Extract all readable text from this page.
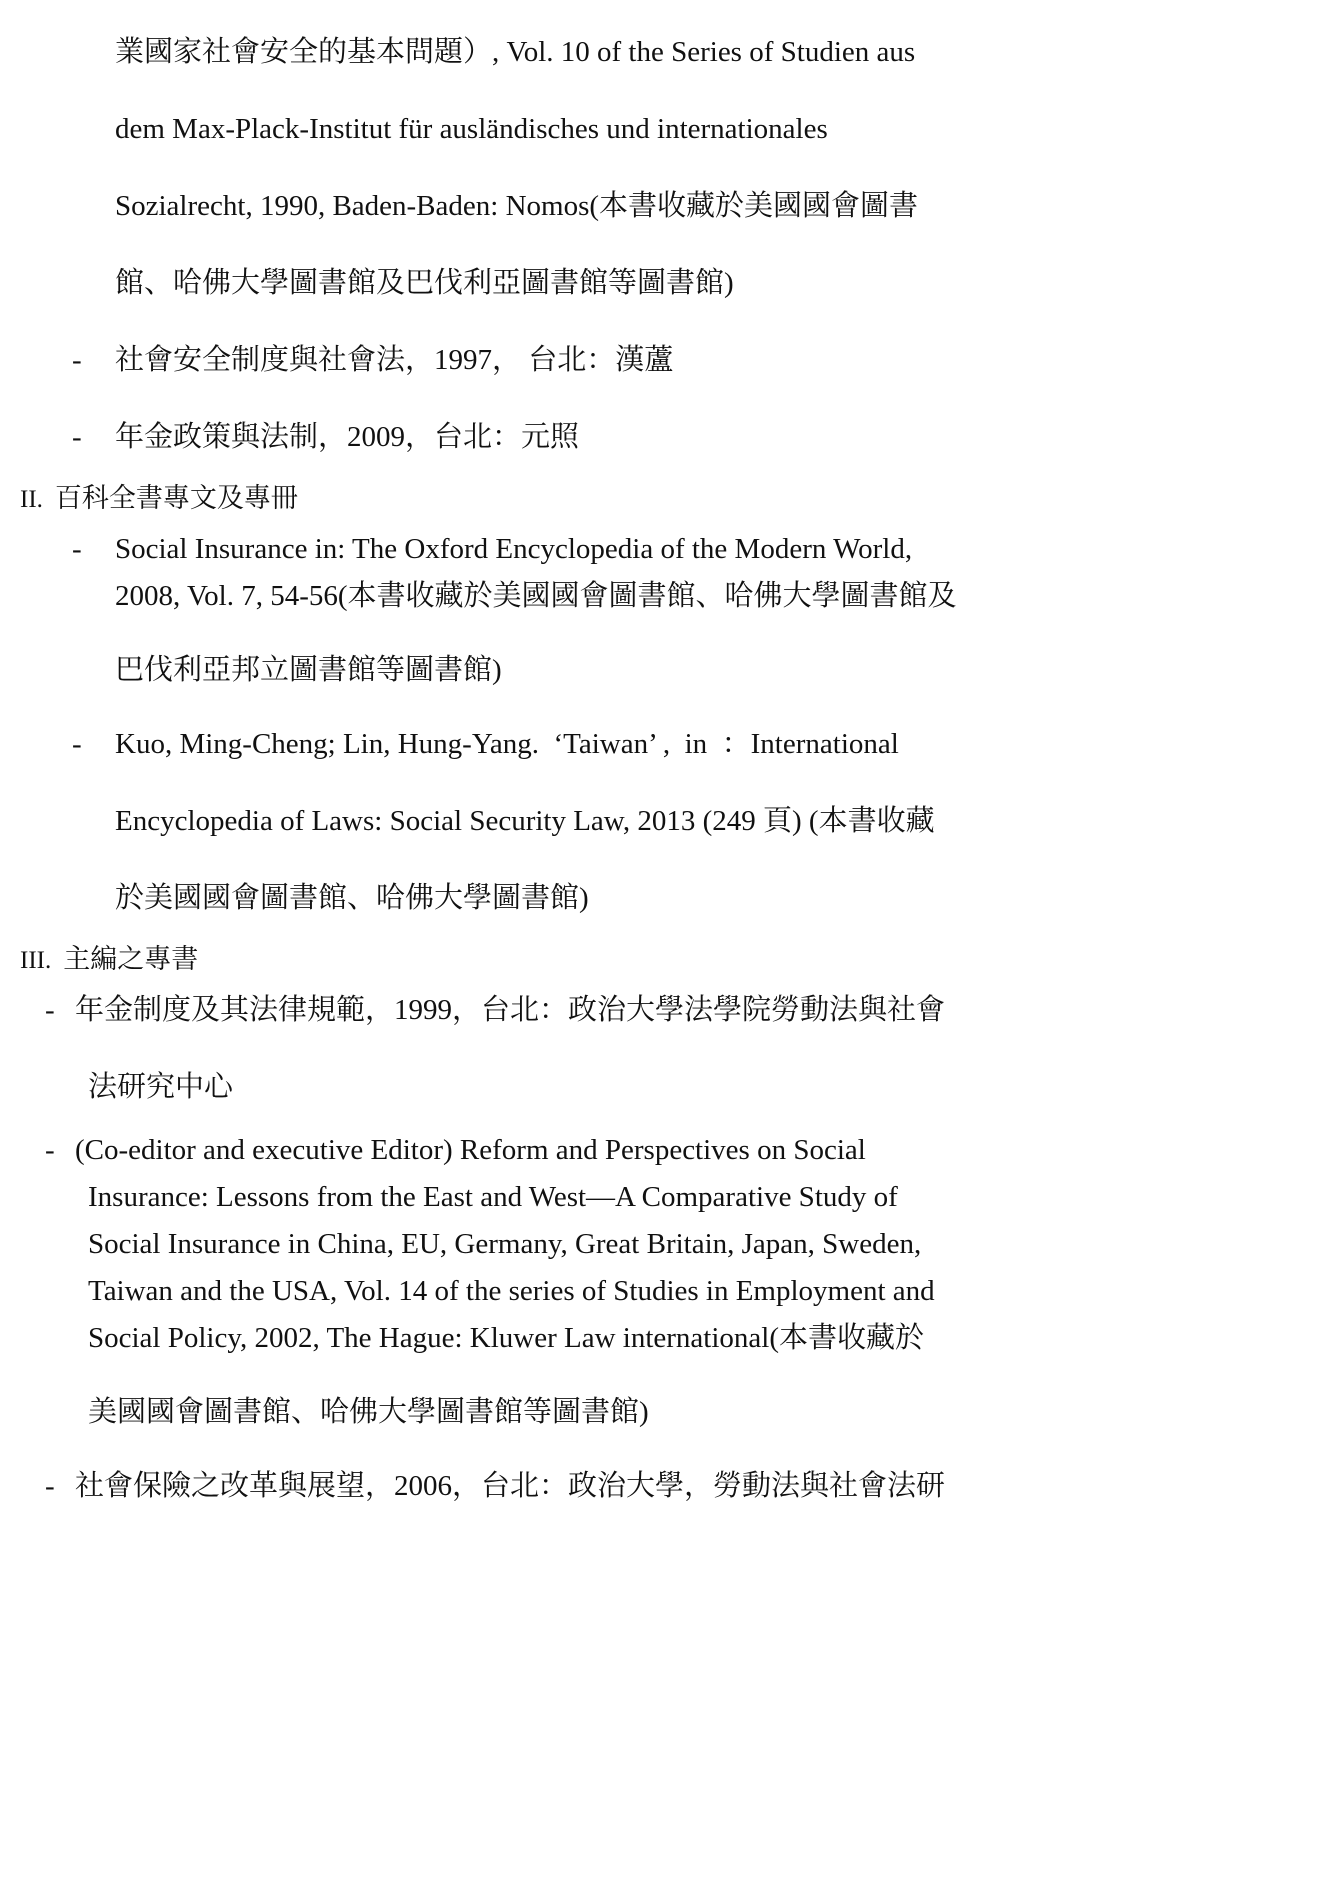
業國家社會安全的基本問題）, Vol. 10 of the Series of Studien aus
dem Max-Plack-Institut für ausländisches und internationales
Sozialrecht, 1990, Baden-Baden: Nomos(本書收藏於美國國會圖書
館、哈佛大學圖書館及巴伐利亞圖書館等圖書館)
-	社會安全制度與社會法，1997， 台北：漢蘆
-	年金政策與法制，2009，台北：元照
II. 百科全書專文及專冊
-	Social Insurance in: The Oxford Encyclopedia of the Modern World,
2008, Vol. 7, 54-56(本書收藏於美國國會圖書館、哈佛大學圖書館及
巴伐利亞邦立圖書館等圖書館)
-	Kuo, Ming-Cheng; Lin, Hung-Yang.  ‘Taiwan’ ,  in  ：International
Encyclopedia of Laws: Social Security Law, 2013 (249 頁) (本書收藏
於美國國會圖書館、哈佛大學圖書館)
III. 主編之專書
- 年金制度及其法律規範，1999，台北：政治大學法學院勞動法與社會
法研究中心
- (Co-editor and executive Editor) Reform and Perspectives on Social
Insurance: Lessons from the East and West—A Comparative Study of
Social Insurance in China, EU, Germany, Great Britain, Japan, Sweden,
Taiwan and the USA, Vol. 14 of the series of Studies in Employment and
Social Policy, 2002, The Hague: Kluwer Law international(本書收藏於
美國國會圖書館、哈佛大學圖書館等圖書館)
- 社會保險之改革與展望，2006，台北：政治大學，勞動法與社會法研
